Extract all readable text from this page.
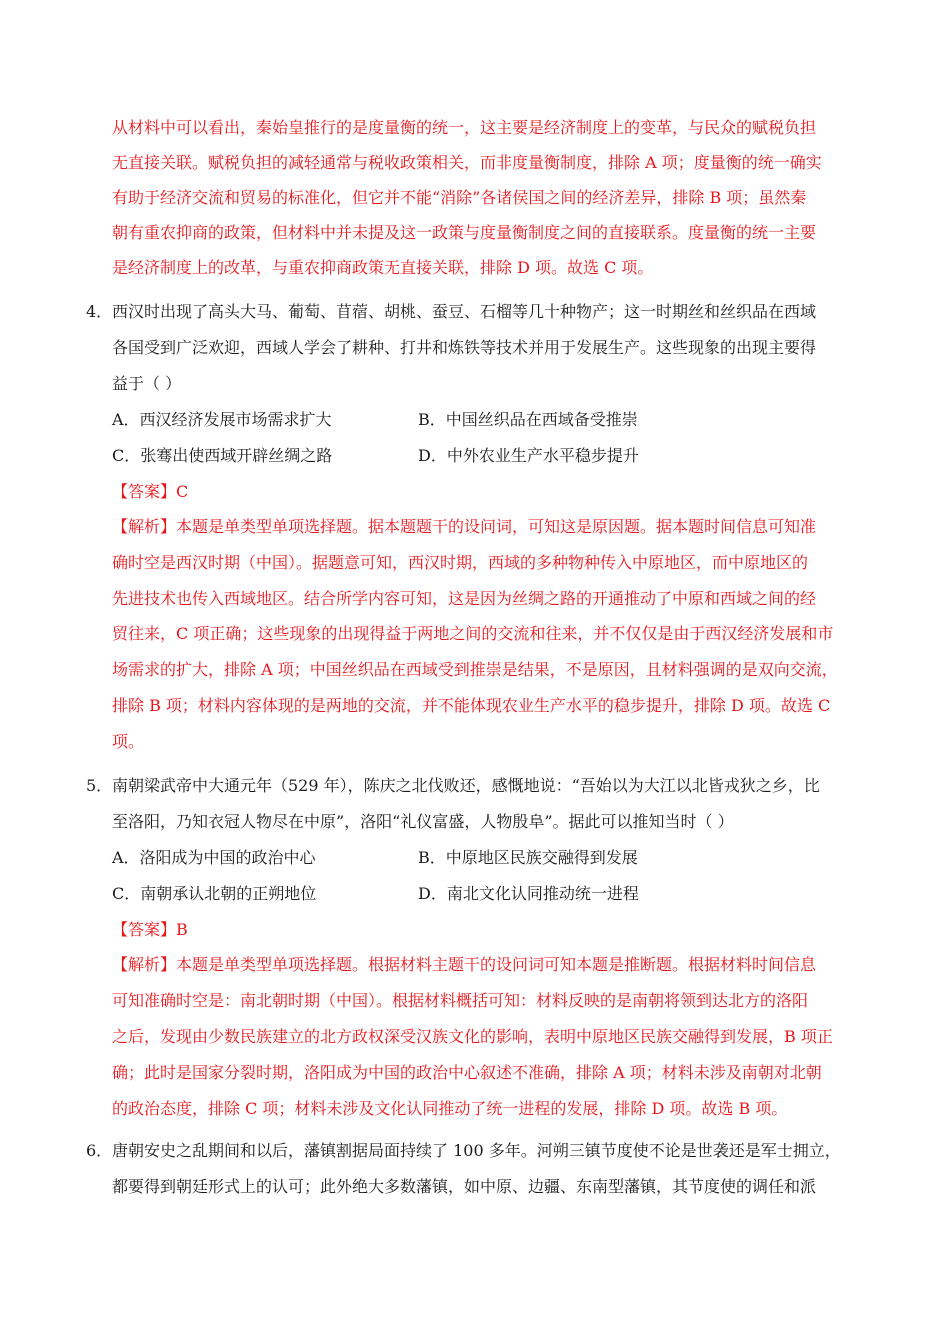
从材料中可以看出，秦始皇推行的是度量衡的统一，这主要是经济制度上的变革，与民众的赋税负担
无直接关联。赋税负担的减轻通常与税收政策相关，而非度量衡制度，排除 A 项；度量衡的统一确实
有助于经济交流和贸易的标准化，但它并不能“消除”各诸侯国之间的经济差异，排除 B 项；虽然秦
朝有重农抑商的政策，但材料中并未提及这一政策与度量衡制度之间的直接联系。度量衡的统一主要
是经济制度上的改革，与重农抑商政策无直接关联，排除 D 项。故选 C 项。
4． 西汉时出现了高头大马、葡萄、苜蓿、胡桃、蚕豆、石榴等几十种物产；这一时期丝和丝织品在西域
各国受到广泛欢迎，西域人学会了耕种、打井和炼铁等技术并用于发展生产。这些现象的出现主要得
益于（ ）
A．西汉经济发展市场需求扩大	B．中国丝织品在西域备受推崇
C．张骞出使西域开辟丝绸之路	D．中外农业生产水平稳步提升
【答案】C
【解析】本题是单类型单项选择题。据本题题干的设问词，可知这是原因题。据本题时间信息可知准
确时空是西汉时期（中国）。据题意可知，西汉时期，西域的多种物种传入中原地区，而中原地区的
先进技术也传入西域地区。结合所学内容可知，这是因为丝绸之路的开通推动了中原和西域之间的经
贸往来，C 项正确；这些现象的出现得益于两地之间的交流和往来，并不仅仅是由于西汉经济发展和市
场需求的扩大，排除 A 项；中国丝织品在西域受到推崇是结果，不是原因，且材料强调的是双向交流，
排除 B 项；材料内容体现的是两地的交流，并不能体现农业生产水平的稳步提升，排除 D 项。故选 C
项。
5． 南朝梁武帝中大通元年（529 年），陈庆之北伐败还，感慨地说：“吾始以为大江以北皆戎狄之乡，比
至洛阳，乃知衣冠人物尽在中原”，洛阳“礼仪富盛，人物殷阜”。据此可以推知当时（ ）
A．洛阳成为中国的政治中心	B．中原地区民族交融得到发展
C．南朝承认北朝的正朔地位	D．南北文化认同推动统一进程
【答案】B
【解析】本题是单类型单项选择题。根据材料主题干的设问词可知本题是推断题。根据材料时间信息
可知准确时空是：南北朝时期（中国）。根据材料概括可知：材料反映的是南朝将领到达北方的洛阳
之后，发现由少数民族建立的北方政权深受汉族文化的影响，表明中原地区民族交融得到发展，B 项正
确；此时是国家分裂时期，洛阳成为中国的政治中心叙述不准确，排除 A 项；材料未涉及南朝对北朝
的政治态度，排除 C 项；材料未涉及文化认同推动了统一进程的发展，排除 D 项。故选 B 项。
6． 唐朝安史之乱期间和以后，藩镇割据局面持续了 100 多年。河朔三镇节度使不论是世袭还是军士拥立，
都要得到朝廷形式上的认可；此外绝大多数藩镇，如中原、边疆、东南型藩镇，其节度使的调任和派
